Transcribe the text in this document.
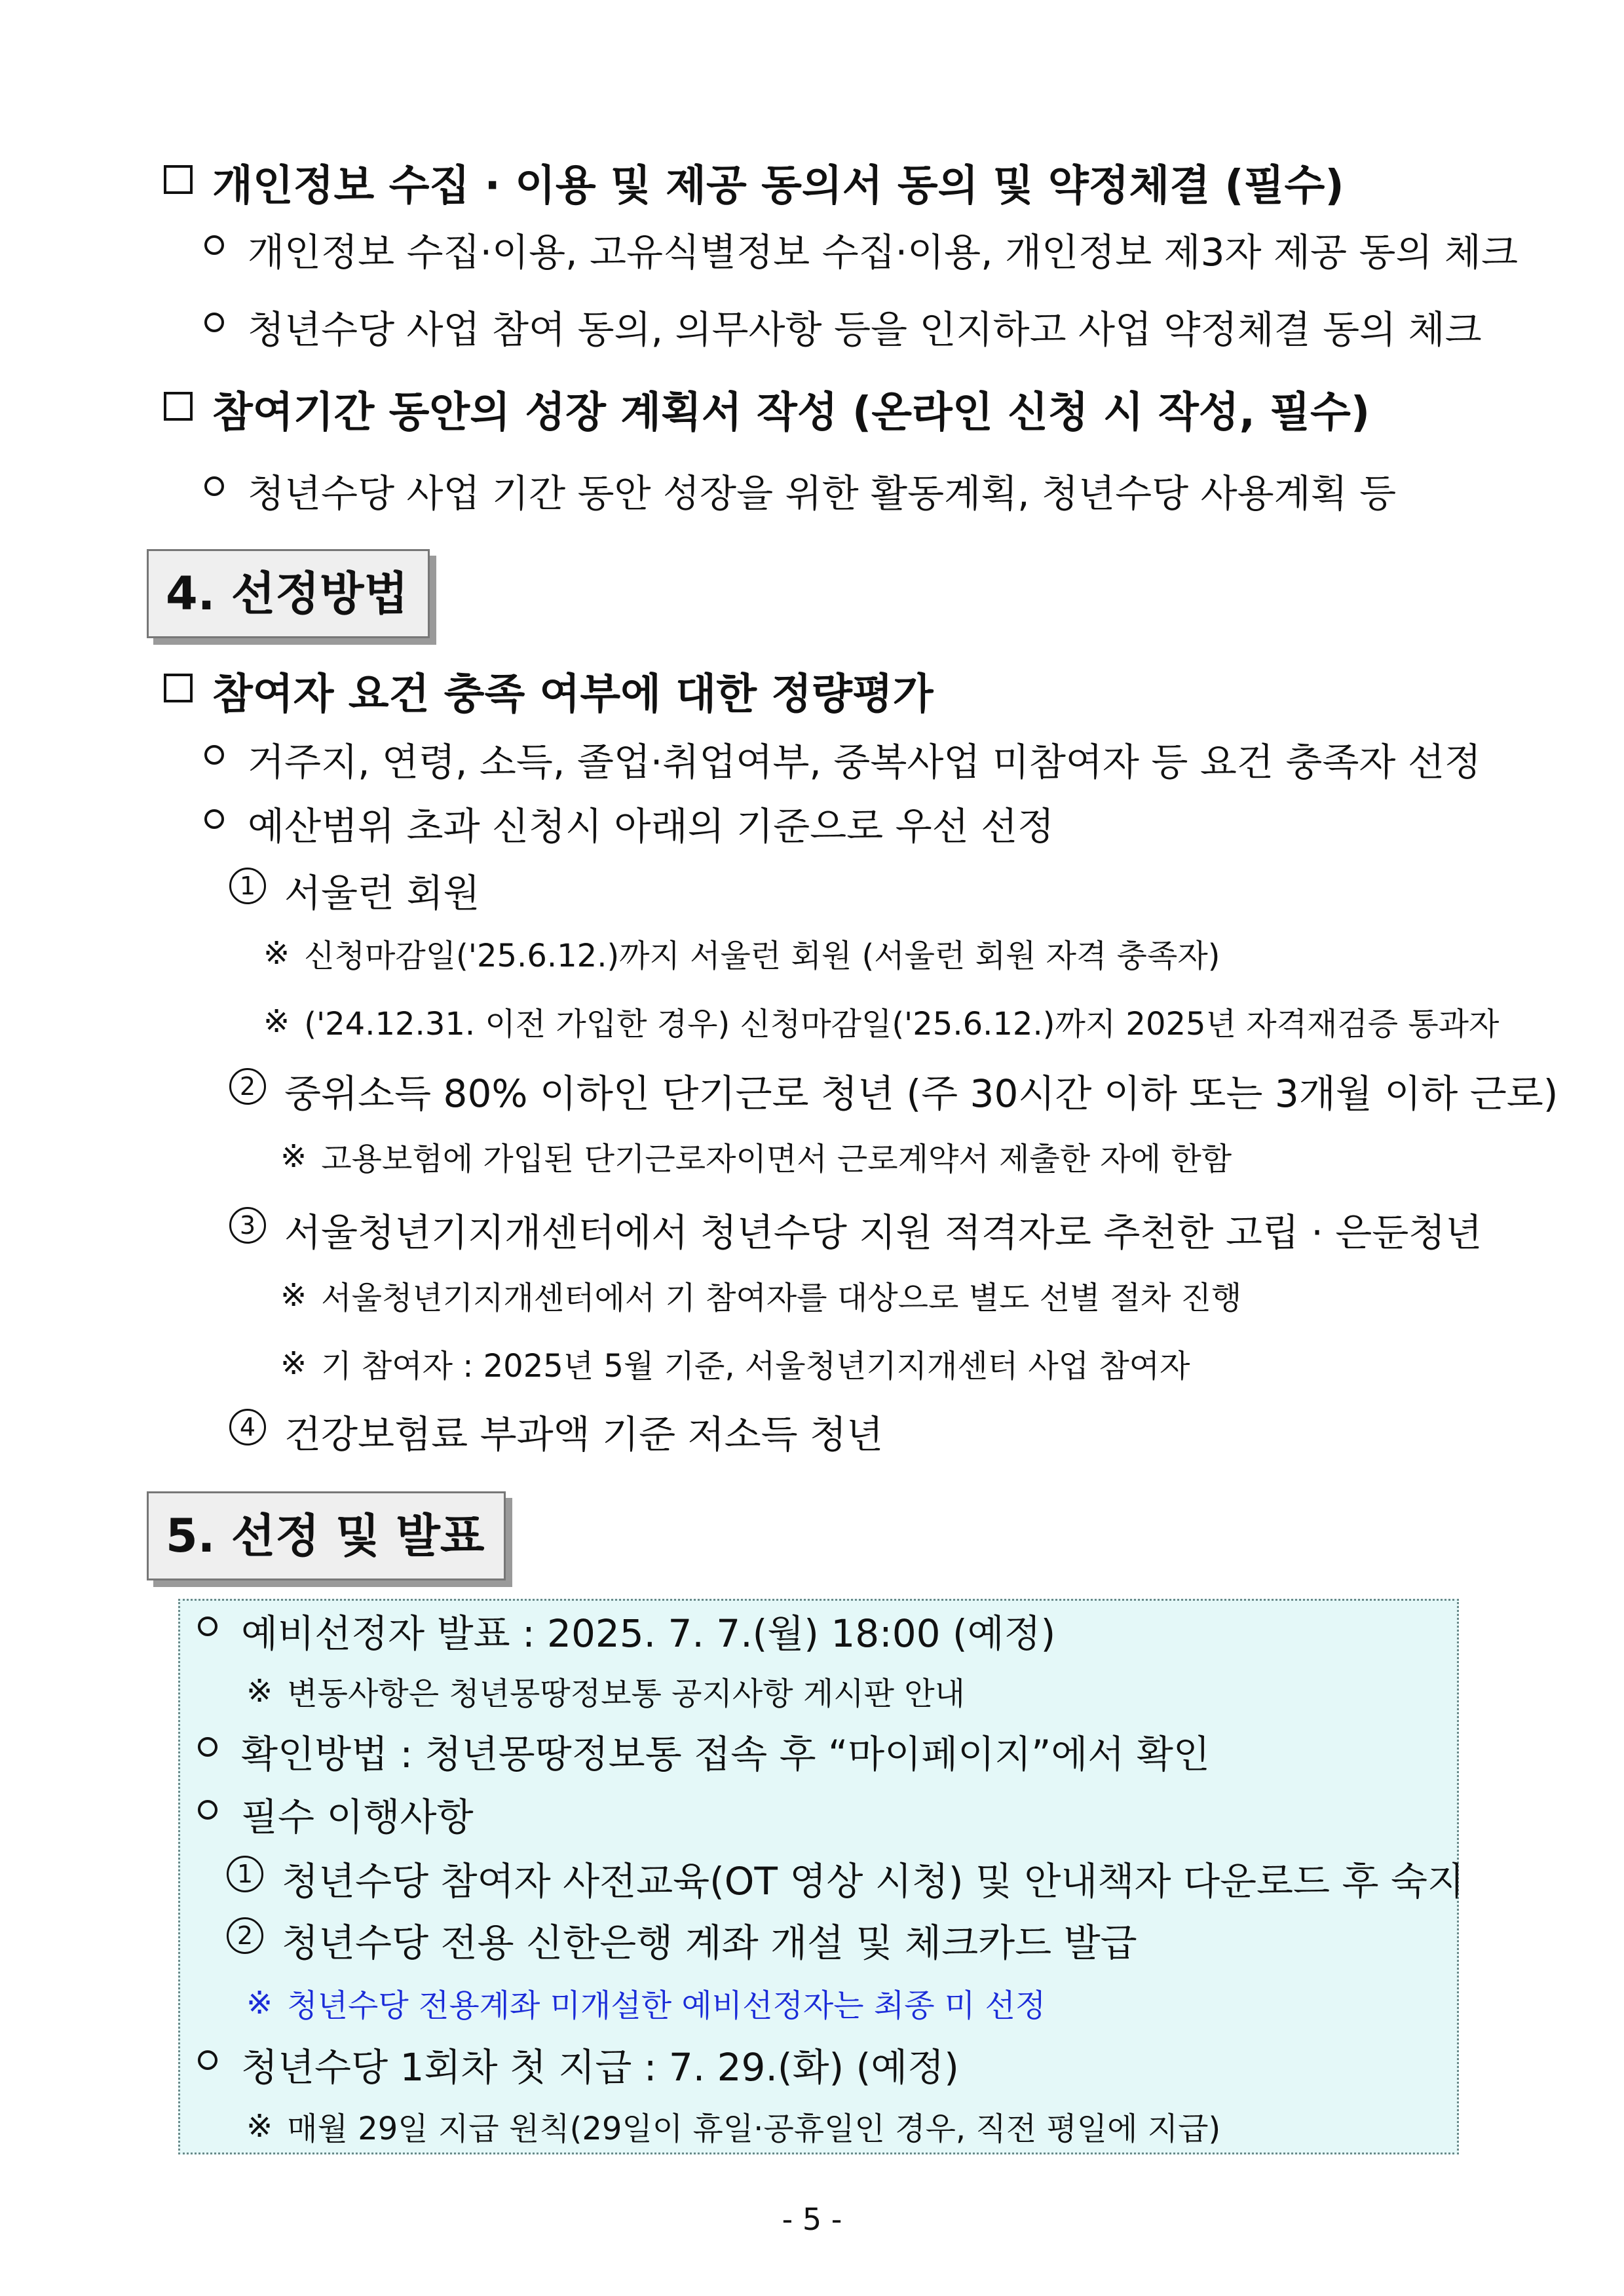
개인정보 수집 · 이용 및 제공 동의서 동의 및 약정체결 (필수)
개인정보 수집·이용, 고유식별정보 수집·이용, 개인정보 제3자 제공 동의 체크
청년수당 사업 참여 동의, 의무사항 등을 인지하고 사업 약정체결 동의 체크
참여기간 동안의 성장 계획서 작성 (온라인 신청 시 작성, 필수)
청년수당 사업 기간 동안 성장을 위한 활동계획, 청년수당 사용계획 등
4. 선정방법
참여자 요건 충족 여부에 대한 정량평가
거주지, 연령, 소득, 졸업·취업여부, 중복사업 미참여자 등 요건 충족자 선정
예산범위 초과 신청시 아래의 기준으로 우선 선정
1 서울런 회원
※ 신청마감일('25.6.12.)까지 서울런 회원 (서울런 회원 자격 충족자)
※ ('24.12.31. 이전 가입한 경우) 신청마감일('25.6.12.)까지 2025년 자격재검증 통과자
2 중위소득 80% 이하인 단기근로 청년 (주 30시간 이하 또는 3개월 이하 근로)
※ 고용보험에 가입된 단기근로자이면서 근로계약서 제출한 자에 한함
3 서울청년기지개센터에서 청년수당 지원 적격자로 추천한 고립 · 은둔청년
※ 서울청년기지개센터에서 기 참여자를 대상으로 별도 선별 절차 진행
※ 기 참여자 : 2025년 5월 기준, 서울청년기지개센터 사업 참여자
4 건강보험료 부과액 기준 저소득 청년
5. 선정 및 발표
예비선정자 발표 : 2025. 7. 7.(월) 18:00 (예정)
※ 변동사항은 청년몽땅정보통 공지사항 게시판 안내
확인방법 : 청년몽땅정보통 접속 후 “마이페이지”에서 확인
필수 이행사항
1 청년수당 참여자 사전교육(OT 영상 시청) 및 안내책자 다운로드 후 숙지
2 청년수당 전용 신한은행 계좌 개설 및 체크카드 발급
※ 청년수당 전용계좌 미개설한 예비선정자는 최종 미 선정
청년수당 1회차 첫 지급 : 7. 29.(화) (예정)
※ 매월 29일 지급 원칙(29일이 휴일·공휴일인 경우, 직전 평일에 지급)
- 5 -
